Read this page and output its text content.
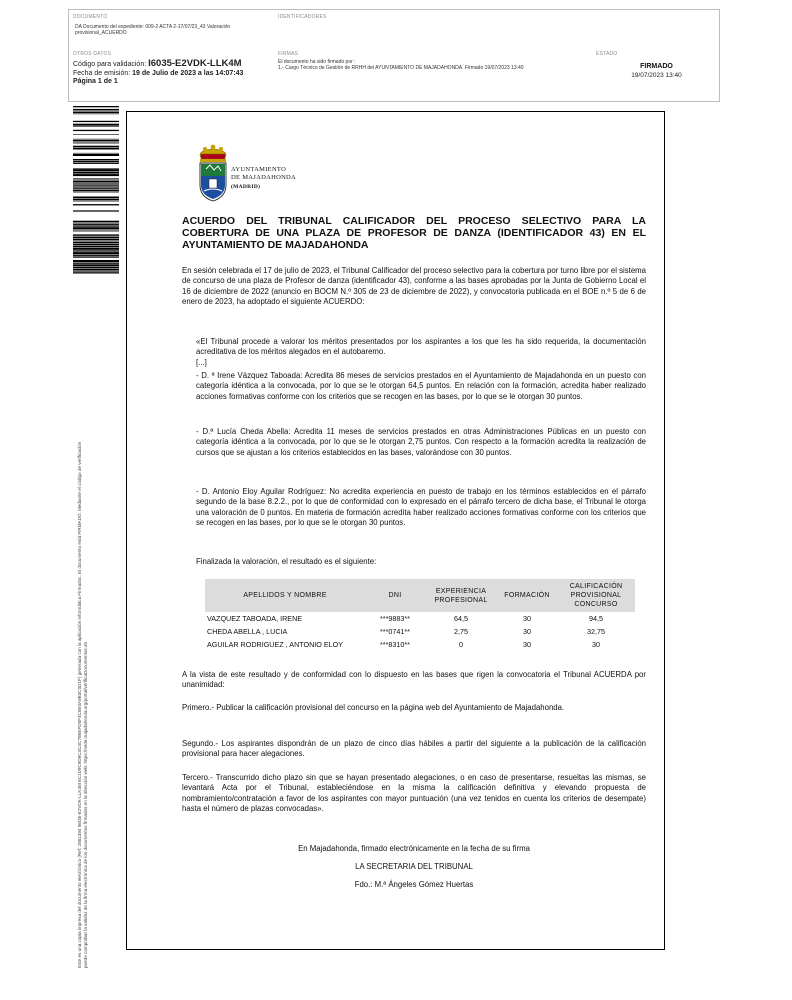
DOCUMENTO
DA Documento del expediente: 009-2 ACTA 2-17/07/23_43 Valoración provisional_ACUERDO
IDENTIFICADORES
OTROS DATOS
Código para validación: I6035-E2VDK-LLK4M
Fecha de emisión: 19 de Julio de 2023 a las 14:07:43
Página 1 de 1
FIRMAS
El documento ha sido firmado por :
1.- Cargo Técnico de Gestión de RRHH del AYUNTAMIENTO DE MAJADAHONDA. Firmado 19/07/2023 13:40
ESTADO
FIRMADO
19/07/2023 13:40
Este es una copia impresa del documento electrónico (Ref: 2881394 I6035-E2VDK-LLK4M 6C1D9C9D9C4C4C7B5EFD0F4C5E0A9B3C0D1F) generada con la aplicación informática Firmadoc. El documento está FIRMADO. Mediante el código de verificación puede comprobar la validez de la firma electrónica de los documentos firmados en la dirección web: https://sede.majadahonda.org/portal/verificaDocumentos.do
AYUNTAMIENTO
DE MAJADAHONDA
(MADRID)
ACUERDO DEL TRIBUNAL CALIFICADOR DEL PROCESO SELECTIVO PARA LA COBERTURA DE UNA PLAZA DE PROFESOR DE DANZA (IDENTIFICADOR 43) EN EL AYUNTAMIENTO DE MAJADAHONDA
En sesión celebrada el 17 de julio de 2023, el Tribunal Calificador del proceso selectivo para la cobertura por turno libre por el sistema de concurso de una plaza de Profesor de danza (identificador 43), conforme a las bases aprobadas por la Junta de Gobierno Local el 16 de diciembre de 2022 (anuncio en BOCM N.º 305 de 23 de diciembre de 2022), y convocatoria publicada en el BOE n.º 5 de 6 de enero de 2023, ha adoptado el siguiente ACUERDO:
«El Tribunal procede a valorar los méritos presentados por los aspirantes a los que les ha sido requerida, la documentación acreditativa de los méritos alegados en el autobaremo.
[...]
- D. ª Irene Vázquez Taboada: Acredita 86 meses de servicios prestados en el Ayuntamiento de Majadahonda en un puesto con categoría idéntica a la convocada, por lo que se le otorgan 64,5 puntos. En relación con la formación, acredita haber realizado acciones formativas conforme con los criterios que se recogen en las bases, por lo que se le otorgan 30 puntos.
- D.ª Lucía Cheda Abella: Acredita 11 meses de servicios prestados en otras Administraciones Públicas en un puesto con categoría idéntica a la convocada, por lo que se le otorgan 2,75 puntos. Con respecto a la formación acredita la realización de cursos que se ajustan a los criterios establecidos en las bases, valorándose con 30 puntos.
- D. Antonio Eloy Aguilar Rodríguez: No acredita experiencia en puesto de trabajo en los términos establecidos en el párrafo segundo de la base 8.2.2., por lo que de conformidad con lo expresado en el párrafo tercero de dicha base, el Tribunal le otorga una valoración de 0 puntos. En materia de formación acredita haber realizado acciones formativas conforme con los criterios que se recogen en las bases, por lo que se le otorgan 30 puntos.
Finalizada la valoración, el resultado es el siguiente:
APELLIDOS Y NOMBRE	DNI	EXPERIENCIA PROFESIONAL	FORMACIÓN	CALIFICACIÓN PROVISIONAL CONCURSO
VAZQUEZ TABOADA, IRENE	***9883**	64,5	30	94,5
CHEDA ABELLA , LUCIA	***0741**	2,75	30	32,75
AGUILAR RODRIGUEZ , ANTONIO ELOY	***8310**	0	30	30
A la vista de este resultado y de conformidad con lo dispuesto en las bases que rigen la convocatoria el Tribunal ACUERDA por unanimidad:
Primero.- Publicar la calificación provisional del concurso en la página web del Ayuntamiento de Majadahonda.
Segundo.- Los aspirantes dispondrán de un plazo de cinco días hábiles a partir del siguiente a la publicación de la calificación provisional para hacer alegaciones.
Tercero.- Transcurrido dicho plazo sin que se hayan presentado alegaciones, o en caso de presentarse, resueltas las mismas, se levantará Acta por el Tribunal, estableciéndose en la misma la calificación definitiva y elevando propuesta de nombramiento/contratación a favor de los aspirantes con mayor puntuación (una vez tenidos en cuenta los criterios de desempate) hasta el número de plazas convocadas».
En Majadahonda, firmado electrónicamente en la fecha de su firma
LA SECRETARIA DEL TRIBUNAL
Fdo.: M.ª Ángeles Gómez Huertas
